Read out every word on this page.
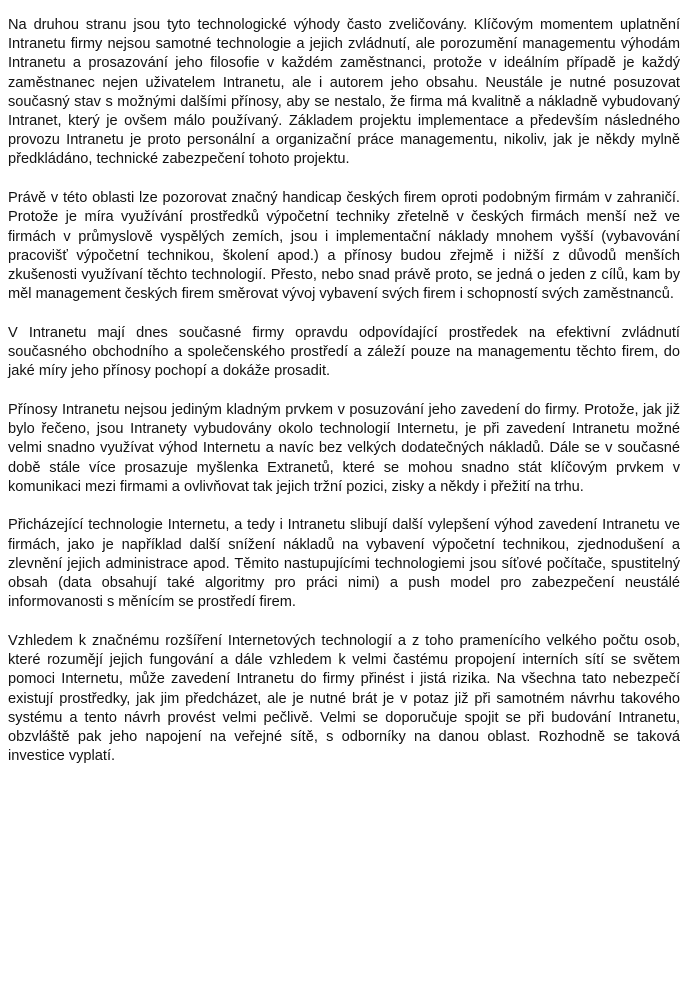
Na druhou stranu jsou tyto technologické výhody často zveličovány. Klíčovým momentem uplatnění Intranetu firmy nejsou samotné technologie a jejich zvládnutí, ale porozumění managementu výhodám Intranetu a prosazování jeho filosofie v každém zaměstnanci, protože v ideálním případě je každý zaměstnanec nejen uživatelem Intranetu, ale i autorem jeho obsahu. Neustále je nutné posuzovat současný stav s možnými dalšími přínosy, aby se nestalo, že firma má kvalitně a nákladně vybudovaný Intranet, který je ovšem málo používaný. Základem projektu implementace a především následného provozu Intranetu je proto personální a organizační práce managementu, nikoliv, jak je někdy mylně předkládáno, technické zabezpečení tohoto projektu.

Právě v této oblasti lze pozorovat značný handicap českých firem oproti podobným firmám v zahraničí. Protože je míra využívání prostředků výpočetní techniky zřetelně v českých firmách menší než ve firmách v průmyslově vyspělých zemích, jsou i implementační náklady mnohem vyšší (vybavování pracovišť výpočetní technikou, školení apod.) a přínosy budou zřejmě i nižší z důvodů menších zkušenosti využívaní těchto technologií. Přesto, nebo snad právě proto, se jedná o jeden z cílů, kam by měl management českých firem směrovat vývoj vybavení svých firem i schopností svých zaměstnanců.

V Intranetu mají dnes současné firmy opravdu odpovídající prostředek na efektivní zvládnutí současného obchodního a společenského prostředí a záleží pouze na managementu těchto firem, do jaké míry jeho přínosy pochopí a dokáže prosadit.

Přínosy Intranetu nejsou jediným kladným prvkem v posuzování jeho zavedení do firmy. Protože, jak již bylo řečeno, jsou Intranety vybudovány okolo technologií Internetu, je při zavedení Intranetu možné velmi snadno využívat výhod Internetu a navíc bez velkých dodatečných nákladů. Dále se v současné době stále více prosazuje myšlenka Extranetů, které se mohou snadno stát klíčovým prvkem v komunikaci mezi firmami a ovlivňovat tak jejich tržní pozici, zisky a někdy i přežití na trhu.

Přicházející technologie Internetu, a tedy i Intranetu slibují další vylepšení výhod zavedení Intranetu ve firmách, jako je například další snížení nákladů na vybavení výpočetní technikou, zjednodušení a zlevnění jejich administrace apod. Těmito nastupujícími technologiemi jsou síťové počítače, spustitelný obsah (data obsahují také algoritmy pro práci nimi) a push model pro zabezpečení neustálé informovanosti s měnícím se prostředí firem.

Vzhledem k značnému rozšíření Internetových technologií a z toho pramenícího velkého počtu osob, které rozumějí jejich fungování a dále vzhledem k velmi častému propojení interních sítí se světem pomoci Internetu, může zavedení Intranetu do firmy přinést i jistá rizika. Na všechna tato nebezpečí existují prostředky, jak jim předcházet, ale je nutné brát je v potaz již při samotném návrhu takového systému a tento návrh provést velmi pečlivě. Velmi se doporučuje spojit se při budování Intranetu, obzvláště pak jeho napojení na veřejné sítě, s odborníky na danou oblast. Rozhodně se taková investice vyplatí.
